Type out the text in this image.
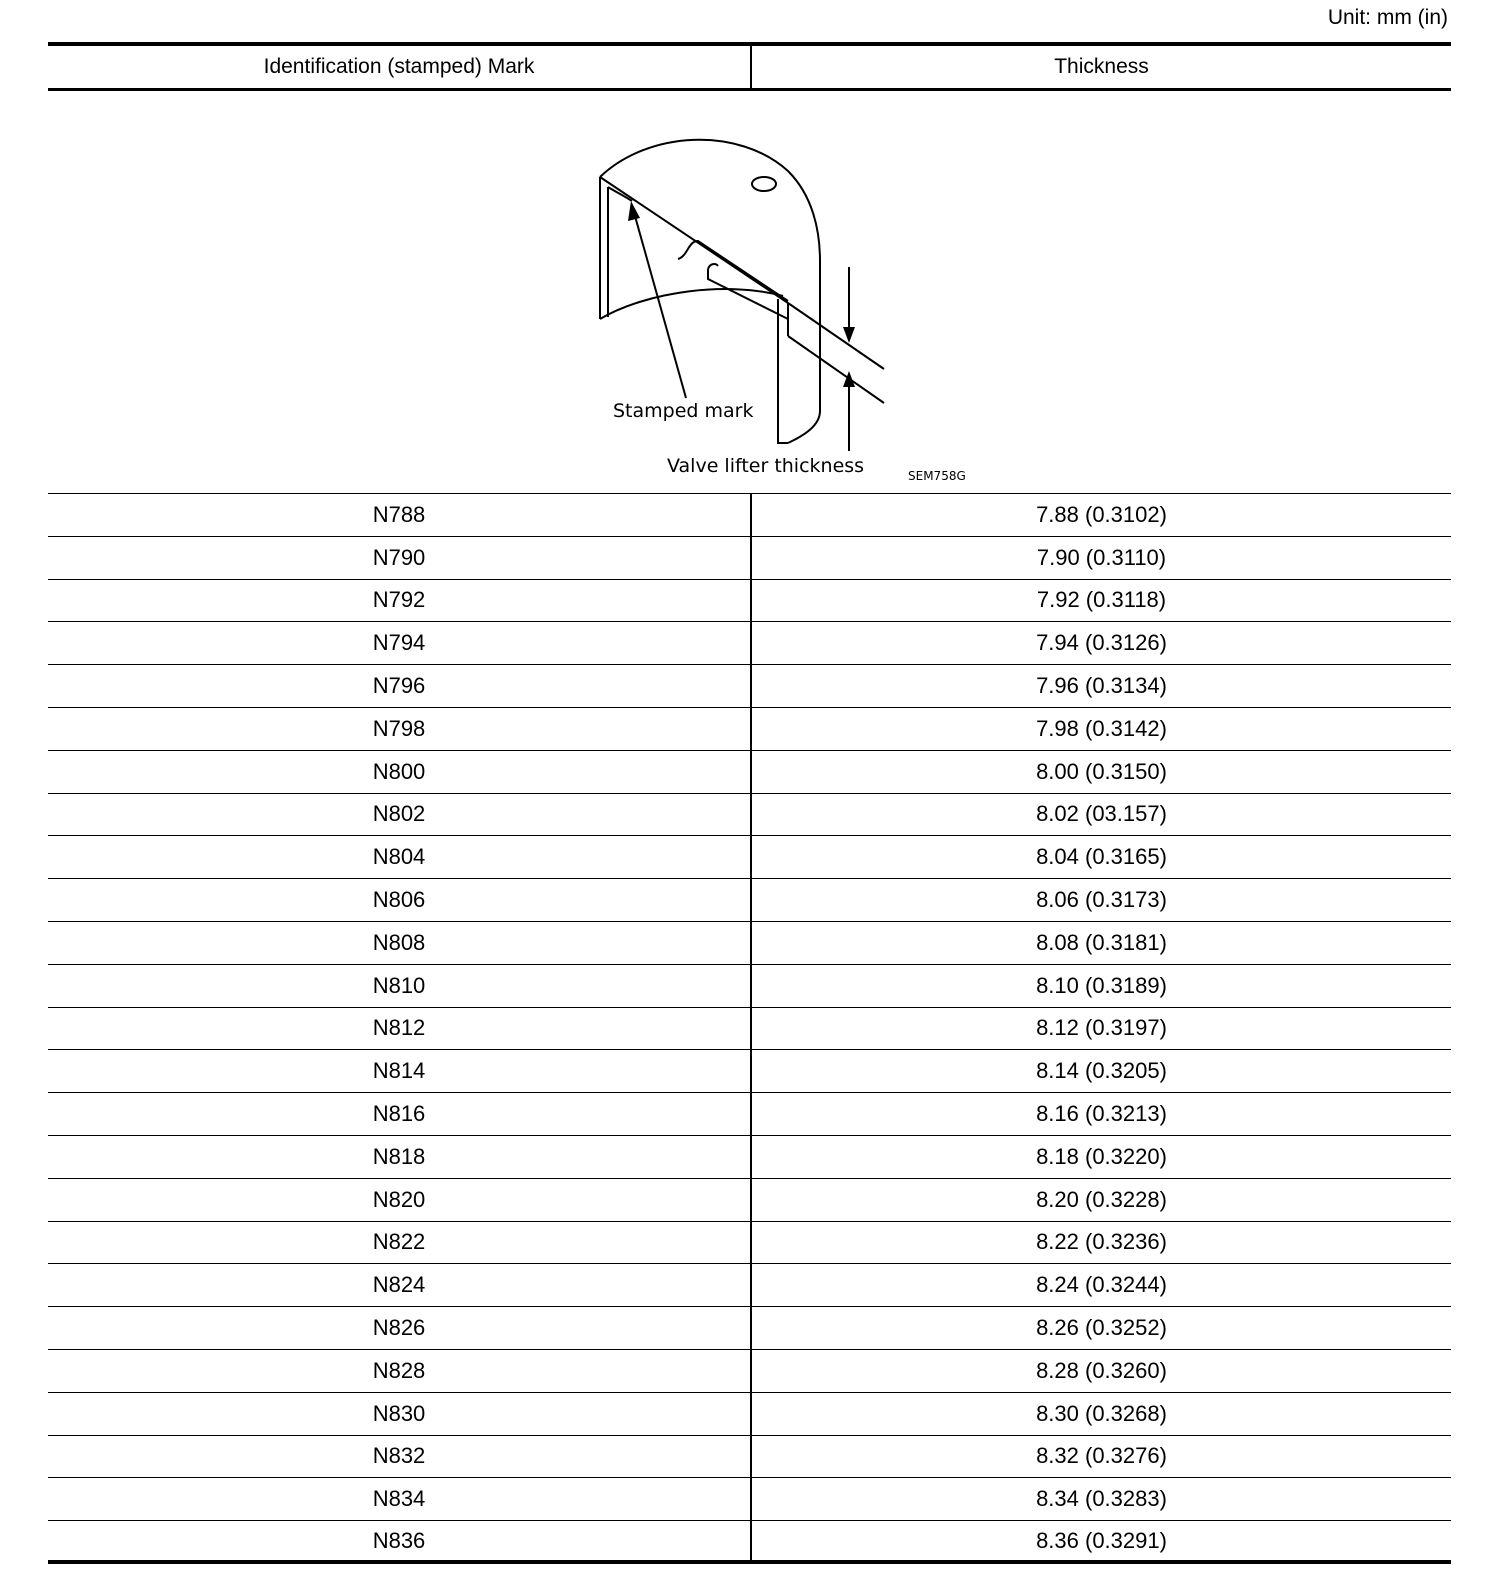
Unit: mm (in)
Identification (stamped) Mark	Thickness
Stamped mark
Valve lifter thickness	SEM758G
N788	7.88 (0.3102)
N790	7.90 (0.3110)
N792	7.92 (0.3118)
N794	7.94 (0.3126)
N796	7.96 (0.3134)
N798	7.98 (0.3142)
N800	8.00 (0.3150)
N802	8.02 (03.157)
N804	8.04 (0.3165)
N806	8.06 (0.3173)
N808	8.08 (0.3181)
N810	8.10 (0.3189)
N812	8.12 (0.3197)
N814	8.14 (0.3205)
N816	8.16 (0.3213)
N818	8.18 (0.3220)
N820	8.20 (0.3228)
N822	8.22 (0.3236)
N824	8.24 (0.3244)
N826	8.26 (0.3252)
N828	8.28 (0.3260)
N830	8.30 (0.3268)
N832	8.32 (0.3276)
N834	8.34 (0.3283)
N836	8.36 (0.3291)
